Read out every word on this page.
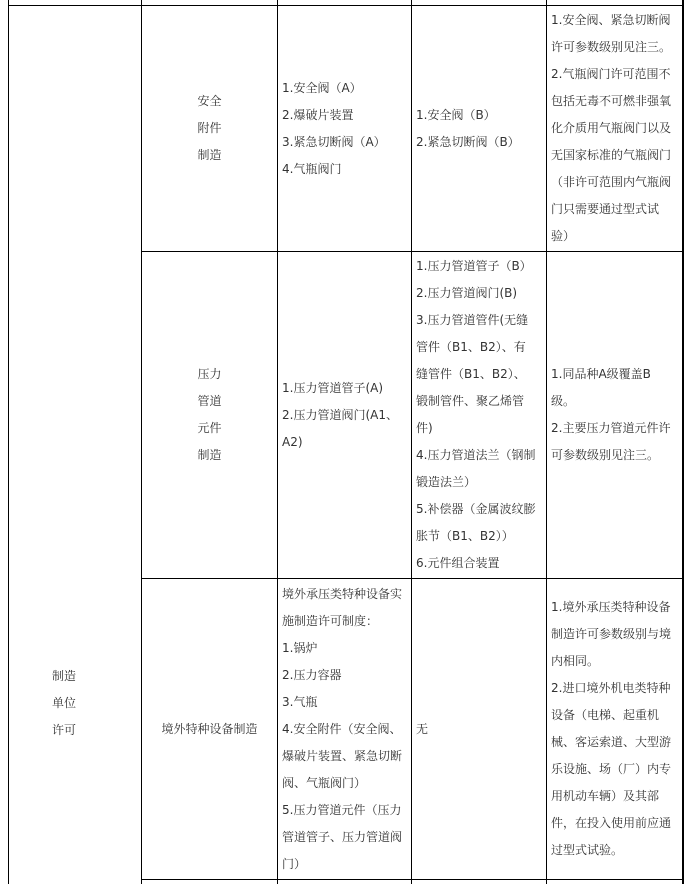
制造
单位
许可
安全
附件
制造
1.安全阀（A）
2.爆破片装置
3.紧急切断阀（A）
4.气瓶阀门
1.安全阀（B）
2.紧急切断阀（B）
1.安全阀、紧急切断阀
许可参数级别见注三。
2.气瓶阀门许可范围不
包括无毒不可燃非强氧
化介质用气瓶阀门以及
无国家标准的气瓶阀门
（非许可范围内气瓶阀
门只需要通过型式试
验）
压力
管道
元件
制造
1.压力管道管子(A)
2.压力管道阀门(A1、
A2)
1.压力管道管子（B）
2.压力管道阀门(B)
3.压力管道管件(无缝
管件（B1、B2）、有
缝管件（B1、B2）、
锻制管件、聚乙烯管
件)
4.压力管道法兰（钢制
锻造法兰）
5.补偿器（金属波纹膨
胀节（B1、B2））
6.元件组合装置
1.同品种A级覆盖B
级。
2.主要压力管道元件许
可参数级别见注三。
境外特种设备制造
境外承压类特种设备实
施制造许可制度：
1.锅炉
2.压力容器
3.气瓶
4.安全附件（安全阀、
爆破片装置、紧急切断
阀、气瓶阀门）
5.压力管道元件（压力
管道管子、压力管道阀
门）
无
1.境外承压类特种设备
制造许可参数级别与境
内相同。
2.进口境外机电类特种
设备（电梯、起重机
械、客运索道、大型游
乐设施、场（厂）内专
用机动车辆）及其部
件，在投入使用前应通
过型式试验。
